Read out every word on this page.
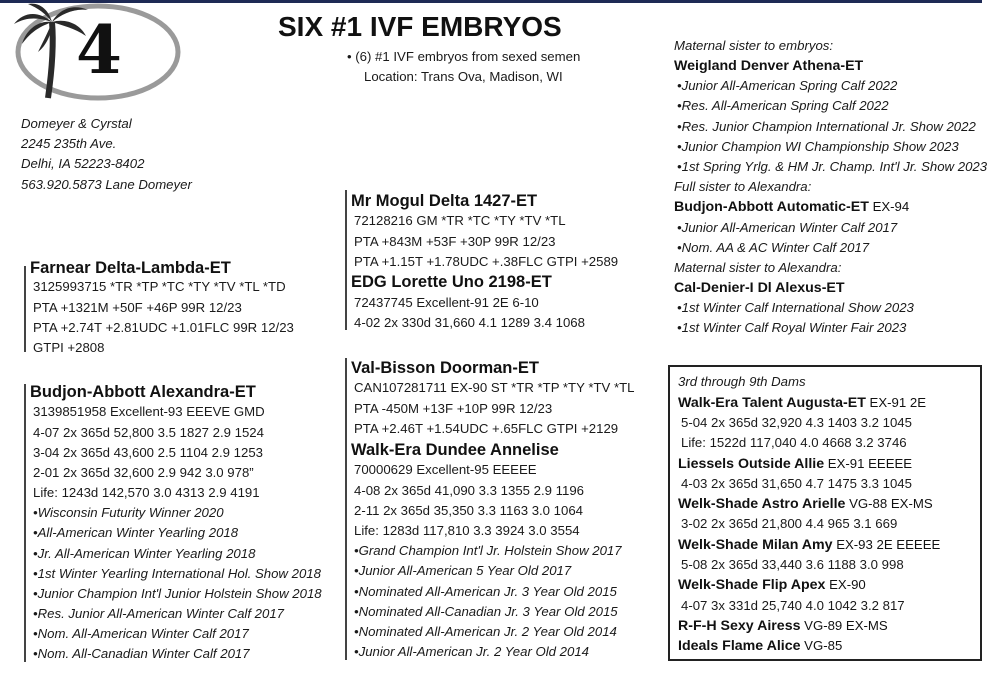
4	SIX #1 IVF EMBRYOS
• (6) #1 IVF embryos from sexed semen
Location: Trans Ova, Madison, WI
Domeyer & Cyrstal
2245 235th Ave.
Delhi, IA 52223-8402
563.920.5873 Lane Domeyer
Farnear Delta-Lambda-ET
3125993715 *TR *TP *TC *TY *TV *TL *TD
PTA +1321M +50F +46P 99R 12/23
PTA +2.74T +2.81UDC +1.01FLC 99R 12/23
GTPI +2808
Budjon-Abbott Alexandra-ET
3139851958 Excellent-93 EEEVE GMD
4-07 2x 365d 52,800 3.5 1827 2.9 1524
3-04 2x 365d 43,600 2.5 1104 2.9 1253
2-01 2x 365d 32,600 2.9 942 3.0 978”
Life: 1243d 142,570 3.0 4313 2.9 4191
•Wisconsin Futurity Winner 2020
•All-American Winter Yearling 2018
•Jr. All-American Winter Yearling 2018
•1st Winter Yearling International Hol. Show 2018
•Junior Champion Int'l Junior Holstein Show 2018
•Res. Junior All-American Winter Calf 2017
•Nom. All-American Winter Calf 2017
•Nom. All-Canadian Winter Calf 2017
Mr Mogul Delta 1427-ET
72128216 GM *TR *TC *TY *TV *TL
PTA +843M +53F +30P 99R 12/23
PTA +1.15T +1.78UDC +.38FLC GTPI +2589
EDG Lorette Uno 2198-ET
72437745 Excellent-91 2E 6-10
4-02 2x 330d 31,660 4.1 1289 3.4 1068
Val-Bisson Doorman-ET
CAN107281711 EX-90 ST *TR *TP *TY *TV *TL
PTA -450M +13F +10P 99R 12/23
PTA +2.46T +1.54UDC +.65FLC GTPI +2129
Walk-Era Dundee Annelise
70000629 Excellent-95 EEEEE
4-08 2x 365d 41,090 3.3 1355 2.9 1196
2-11 2x 365d 35,350 3.3 1163 3.0 1064
Life: 1283d 117,810 3.3 3924 3.0 3554
•Grand Champion Int'l Jr. Holstein Show 2017
•Junior All-American 5 Year Old 2017
•Nominated All-American Jr. 3 Year Old 2015
•Nominated All-Canadian Jr. 3 Year Old 2015
•Nominated All-American Jr. 2 Year Old 2014
•Junior All-American Jr. 2 Year Old 2014
Maternal sister to embryos:
Weigland Denver Athena-ET
•Junior All-American Spring Calf 2022
•Res. All-American Spring Calf 2022
•Res. Junior Champion International Jr. Show 2022
•Junior Champion WI Championship Show 2023
•1st Spring Yrlg. & HM Jr. Champ. Int'l Jr. Show 2023
Full sister to Alexandra:
Budjon-Abbott Automatic-ET EX-94
•Junior All-American Winter Calf 2017
•Nom. AA & AC Winter Calf 2017
Maternal sister to Alexandra:
Cal-Denier-I Dl Alexus-ET
•1st Winter Calf International Show 2023
•1st Winter Calf Royal Winter Fair 2023
3rd through 9th Dams
Walk-Era Talent Augusta-ET EX-91 2E
5-04 2x 365d 32,920 4.3 1403 3.2 1045
Life: 1522d 117,040 4.0 4668 3.2 3746
Liessels Outside Allie EX-91 EEEEE
4-03 2x 365d 31,650 4.7 1475 3.3 1045
Welk-Shade Astro Arielle VG-88 EX-MS
3-02 2x 365d 21,800 4.4 965 3.1 669
Welk-Shade Milan Amy EX-93 2E EEEEE
5-08 2x 365d 33,440 3.6 1188 3.0 998
Welk-Shade Flip Apex EX-90
4-07 3x 331d 25,740 4.0 1042 3.2 817
R-F-H Sexy Airess VG-89 EX-MS
Ideals Flame Alice VG-85
